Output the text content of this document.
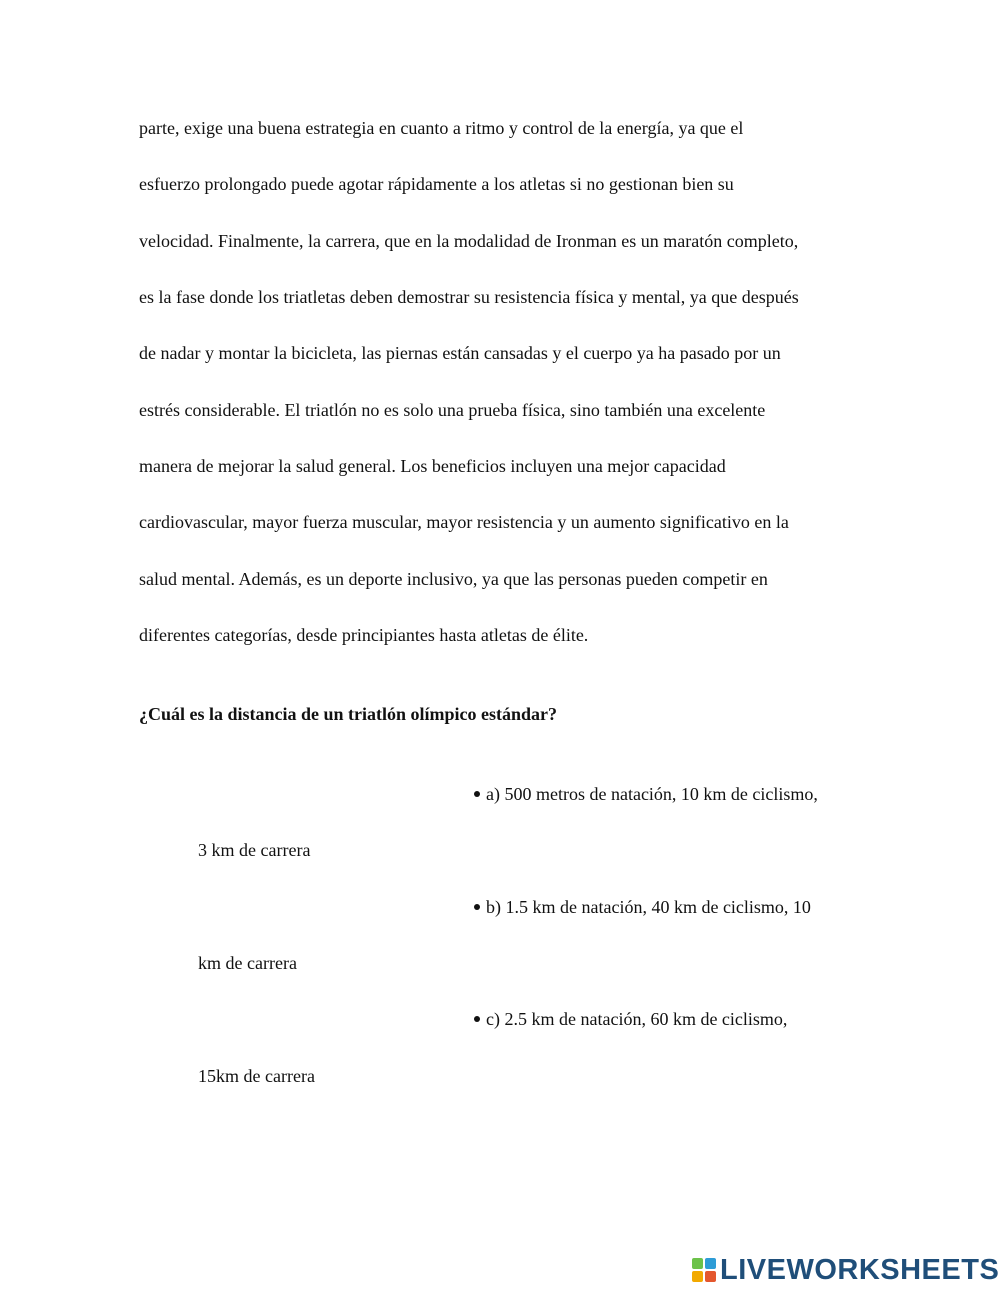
parte, exige una buena estrategia en cuanto a ritmo y control de la energía, ya que el
esfuerzo prolongado puede agotar rápidamente a los atletas si no gestionan bien su
velocidad. Finalmente, la carrera, que en la modalidad de Ironman es un maratón completo,
es la fase donde los triatletas deben demostrar su resistencia física y mental, ya que después
de nadar y montar la bicicleta, las piernas están cansadas y el cuerpo ya ha pasado por un
estrés considerable. El triatlón no es solo una prueba física, sino también una excelente
manera de mejorar la salud general. Los beneficios incluyen una mejor capacidad
cardiovascular, mayor fuerza muscular, mayor resistencia y un aumento significativo en la
salud mental. Además, es un deporte inclusivo, ya que las personas pueden competir en
diferentes categorías, desde principiantes hasta atletas de élite.
¿Cuál es la distancia de un triatlón olímpico estándar?
a) 500 metros de natación, 10 km de ciclismo,
3 km de carrera
b) 1.5 km de natación, 40 km de ciclismo, 10
km de carrera
c) 2.5 km de natación, 60 km de ciclismo,
15km de carrera
LIVEWORKSHEETS
